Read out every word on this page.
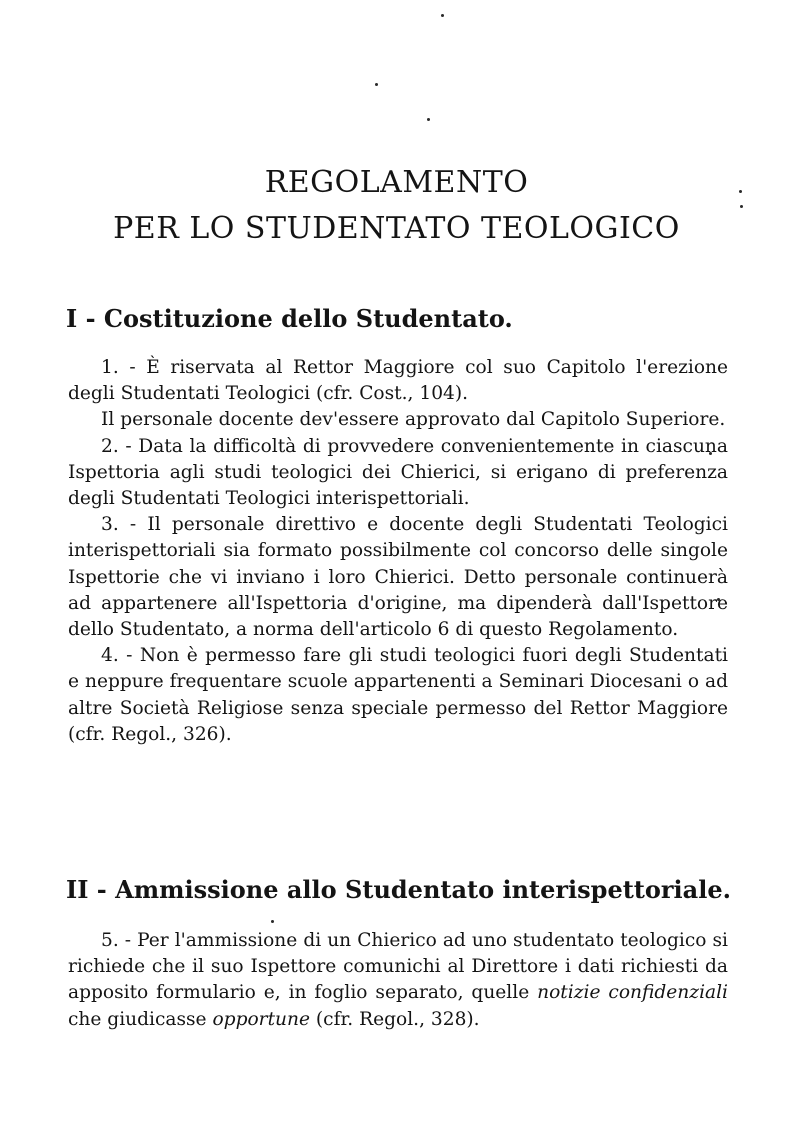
REGOLAMENTO
PER LO STUDENTATO TEOLOGICO
I - Costituzione dello Studentato.

1. - È riservata al Rettor Maggiore col suo Capitolo l'erezione degli Studentati Teologici (cfr. Cost., 104).

Il personale docente dev'essere approvato dal Capitolo Superiore.

2. - Data la difficoltà di provvedere convenientemente in ciascuna Ispettoria agli studi teologici dei Chierici, si erigano di preferenza degli Studentati Teologici interispettoriali.

3. - Il personale direttivo e docente degli Studentati Teologici interispettoriali sia formato possibilmente col concorso delle singole Ispettorie che vi inviano i loro Chierici. Detto personale continuerà ad appartenere all'Ispettoria d'origine, ma dipenderà dall'Ispettore dello Studentato, a norma dell'articolo 6 di questo Regolamento.

4. - Non è permesso fare gli studi teologici fuori degli Studentati e neppure frequentare scuole appartenenti a Seminari Diocesani o ad altre Società Religiose senza speciale permesso del Rettor Maggiore (cfr. Regol., 326).

II - Ammissione allo Studentato interispettoriale.

5. - Per l'ammissione di un Chierico ad uno studentato teologico si richiede che il suo Ispettore comunichi al Direttore i dati richiesti da apposito formulario e, in foglio separato, quelle notizie confidenziali che giudicasse opportune (cfr. Regol., 328).
